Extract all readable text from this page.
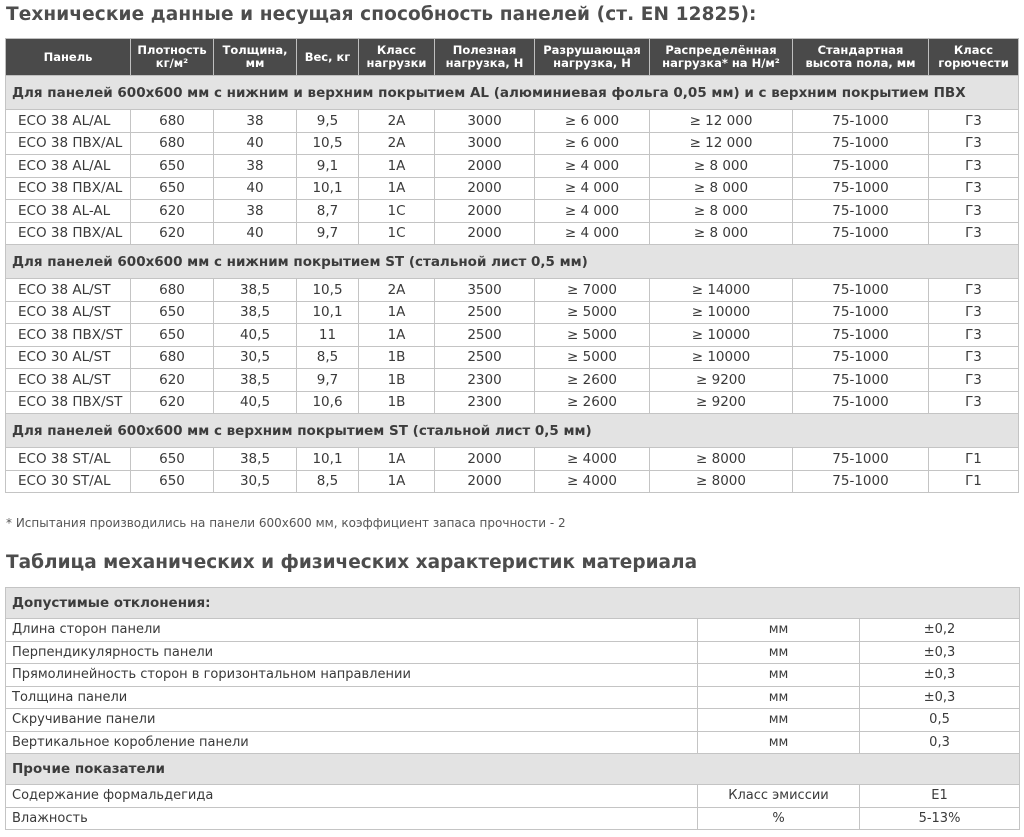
Технические данные и несущая способность панелей (ст. EN 12825):
Панель	Плотность кг/м²	Толщина, мм	Вес, кг	Класс нагрузки	Полезная нагрузка, Н	Разрушающая нагрузка, Н	Распределённая нагрузка* на Н/м²	Стандартная высота пола, мм	Класс горючести
Для панелей 600х600 мм с нижним и верхним покрытием AL (алюминиевая фольга 0,05 мм) и с верхним покрытием ПВХ									
ECO 38 AL/AL	680	38	9,5	2A	3000	≥ 6 000	≥ 12 000	75-1000	Г3
ECO 38 ПВХ/AL	680	40	10,5	2A	3000	≥ 6 000	≥ 12 000	75-1000	Г3
ECO 38 AL/AL	650	38	9,1	1A	2000	≥ 4 000	≥ 8 000	75-1000	Г3
ECO 38 ПВХ/AL	650	40	10,1	1A	2000	≥ 4 000	≥ 8 000	75-1000	Г3
ECO 38 AL-AL	620	38	8,7	1C	2000	≥ 4 000	≥ 8 000	75-1000	Г3
ECO 38 ПВХ/AL	620	40	9,7	1C	2000	≥ 4 000	≥ 8 000	75-1000	Г3
Для панелей 600х600 мм с нижним покрытием ST (стальной лист 0,5 мм)									
ECO 38 AL/ST	680	38,5	10,5	2A	3500	≥ 7000	≥ 14000	75-1000	Г3
ECO 38 AL/ST	650	38,5	10,1	1A	2500	≥ 5000	≥ 10000	75-1000	Г3
ECO 38 ПВХ/ST	650	40,5	11	1A	2500	≥ 5000	≥ 10000	75-1000	Г3
ECO 30 AL/ST	680	30,5	8,5	1B	2500	≥ 5000	≥ 10000	75-1000	Г3
ECO 38 AL/ST	620	38,5	9,7	1B	2300	≥ 2600	≥ 9200	75-1000	Г3
ECO 38 ПВХ/ST	620	40,5	10,6	1B	2300	≥ 2600	≥ 9200	75-1000	Г3
Для панелей 600х600 мм с верхним покрытием ST (стальной лист 0,5 мм)									
ECO 38 ST/AL	650	38,5	10,1	1A	2000	≥ 4000	≥ 8000	75-1000	Г1
ECO 30 ST/AL	650	30,5	8,5	1A	2000	≥ 4000	≥ 8000	75-1000	Г1
* Испытания производились на панели 600х600 мм, коэффициент запаса прочности - 2
Таблица механических и физических характеристик материала
Допустимые отклонения:		
Длина сторон панели	мм	±0,2
Перпендикулярность панели	мм	±0,3
Прямолинейность сторон в горизонтальном направлении	мм	±0,3
Толщина панели	мм	±0,3
Скручивание панели	мм	0,5
Вертикальное коробление панели	мм	0,3
Прочие показатели		
Содержание формальдегида	Класс эмиссии	E1
Влажность	%	5-13%
